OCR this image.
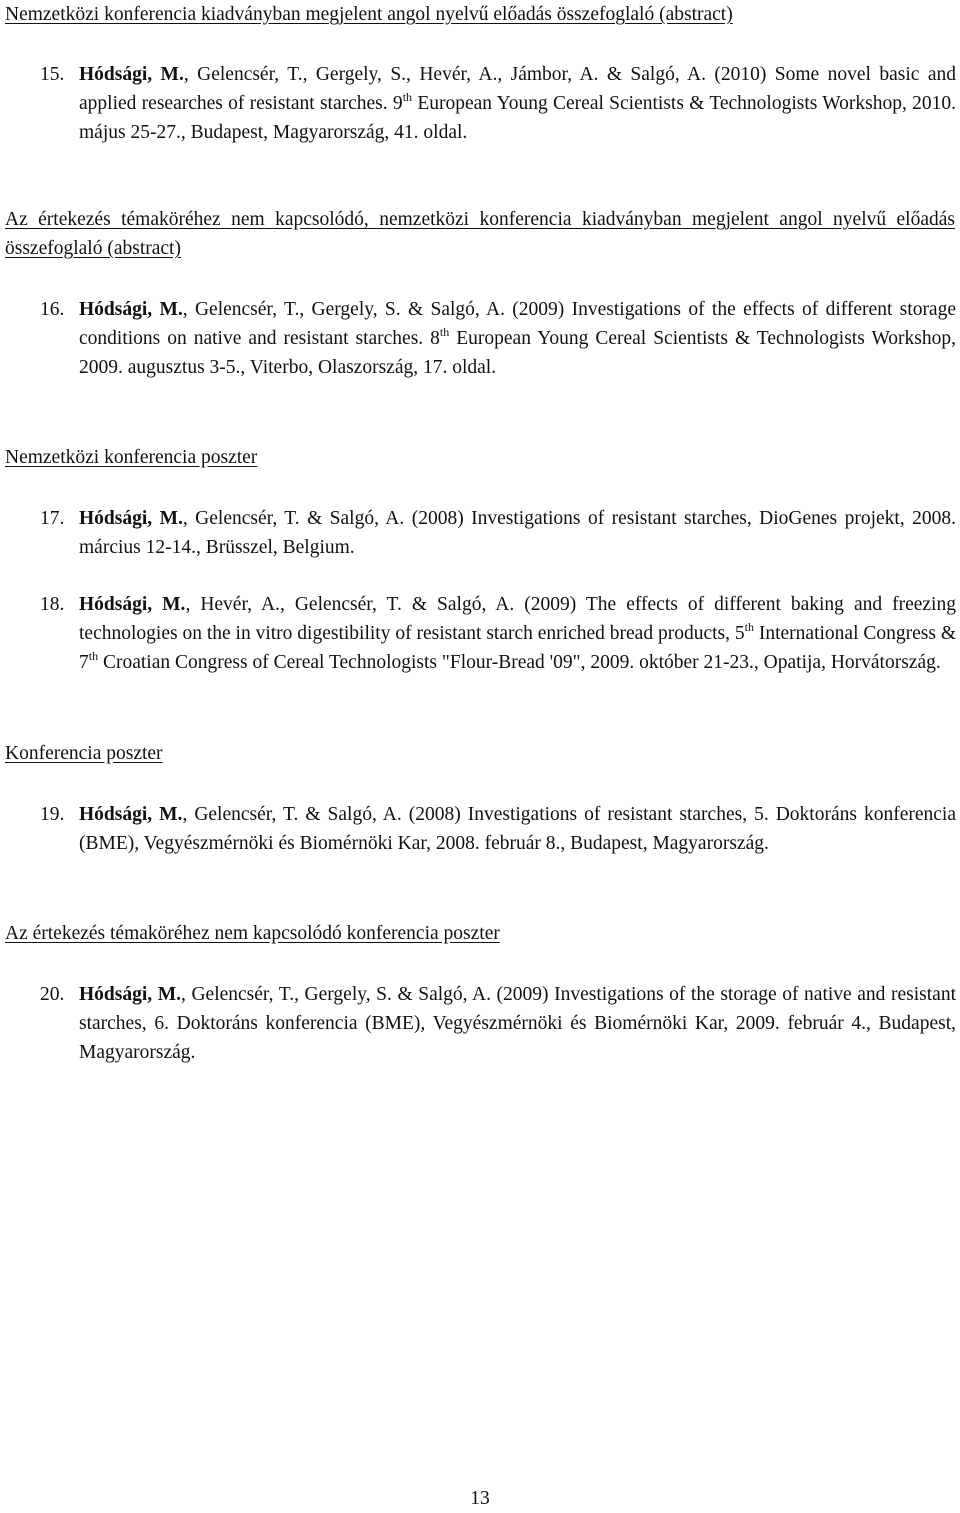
Nemzetközi konferencia kiadványban megjelent angol nyelvű előadás összefoglaló (abstract)
15. Hódsági, M., Gelencsér, T., Gergely, S., Hevér, A., Jámbor, A. & Salgó, A. (2010) Some novel basic and applied researches of resistant starches. 9th European Young Cereal Scientists & Technologists Workshop, 2010. május 25-27., Budapest, Magyarország, 41. oldal.
Az értekezés témaköréhez nem kapcsolódó, nemzetközi konferencia kiadványban megjelent angol nyelvű előadás összefoglaló (abstract)
16. Hódsági, M., Gelencsér, T., Gergely, S. & Salgó, A. (2009) Investigations of the effects of different storage conditions on native and resistant starches. 8th European Young Cereal Scientists & Technologists Workshop, 2009. augusztus 3-5., Viterbo, Olaszország, 17. oldal.
Nemzetközi konferencia poszter
17. Hódsági, M., Gelencsér, T. & Salgó, A. (2008) Investigations of resistant starches, DioGenes projekt, 2008. március 12-14., Brüsszel, Belgium.
18. Hódsági, M., Hevér, A., Gelencsér, T. & Salgó, A. (2009) The effects of different baking and freezing technologies on the in vitro digestibility of resistant starch enriched bread products, 5th International Congress & 7th Croatian Congress of Cereal Technologists "Flour-Bread '09", 2009. október 21-23., Opatija, Horvátország.
Konferencia poszter
19. Hódsági, M., Gelencsér, T. & Salgó, A. (2008) Investigations of resistant starches, 5. Doktoráns konferencia (BME), Vegyészmérnöki és Biomérnöki Kar, 2008. február 8., Budapest, Magyarország.
Az értekezés témaköréhez nem kapcsolódó konferencia poszter
20. Hódsági, M., Gelencsér, T., Gergely, S. & Salgó, A. (2009) Investigations of the storage of native and resistant starches, 6. Doktoráns konferencia (BME), Vegyészmérnöki és Biomérnöki Kar, 2009. február 4., Budapest, Magyarország.
13
